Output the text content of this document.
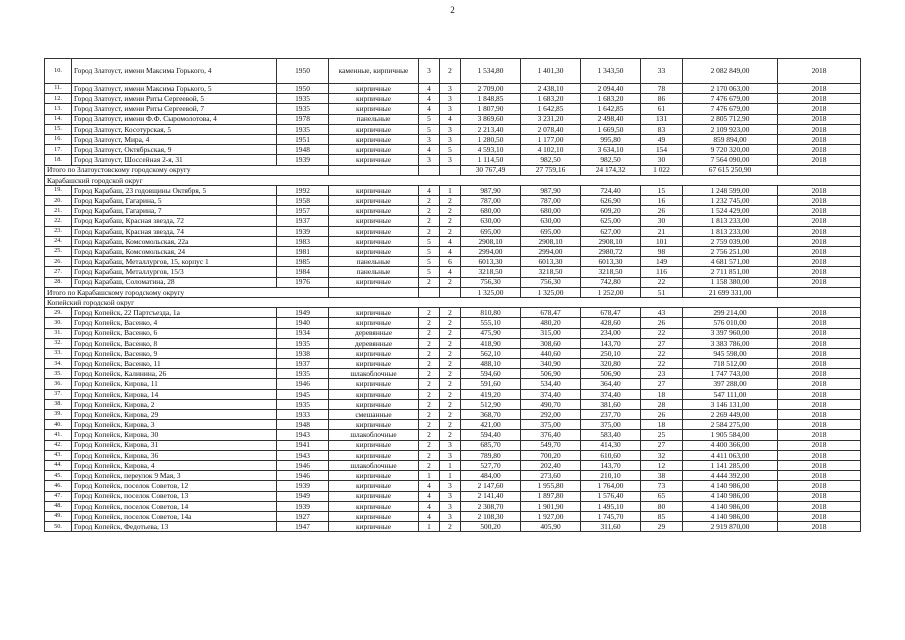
2
10.	Город Златоуст, имени Максима Горького, 4	1950	каменные, кирпичные	3	2	1 534,80	1 401,30	1 343,50	33	2 082 849,00	2018
11.	Город Златоуст, имени Максима Горького, 5	1950	кирпичные	4	3	2 709,00	2 438,10	2 094,40	78	2 170 063,00	2018
12.	Город Златоуст, имени Риты Сергеевой, 5	1935	кирпичные	4	3	1 848,85	1 683,20	1 683,20	86	7 476 679,00	2018
13.	Город Златоуст, имени Риты Сергеевой, 7	1935	кирпичные	4	3	1 807,90	1 642,85	1 642,85	61	7 476 679,00	2018
14.	Город Златоуст, имени Ф.Ф. Сыромолотова, 4	1978	панельные	5	4	3 869,60	3 231,20	2 498,40	131	2 805 712,90	2018
15.	Город Златоуст, Косотурская, 5	1935	кирпичные	5	3	2 213,40	2 078,40	1 669,50	83	2 109 923,00	2018
16.	Город Златоуст, Мира, 4	1951	кирпичные	3	3	1 280,50	1 177,00	995,80	49	859 894,00	2018
17.	Город Златоуст, Октябрьская, 9	1948	кирпичные	4	5	4 593,10	4 102,10	3 634,10	154	9 720 320,00	2018
18.	Город Златоуст, Шоссейная 2-я, 31	1939	кирпичные	3	3	1 114,50	982,50	982,50	30	7 564 090,00	2018
Итого по Златоустовскому городскому округу						30 767,49	27 759,16	24 174,32	1 022	67 615 250,90	
Карабашский городской округ											
19.	Город Карабаш, 23 годовщины Октября, 5	1992	кирпичные	4	1	987,90	987,90	724,40	15	1 248 599,00	2018
20.	Город Карабаш, Гагарина, 5	1958	кирпичные	2	2	787,00	787,00	626,90	16	1 232 745,00	2018
21.	Город Карабаш, Гагарина, 7	1957	кирпичные	2	2	680,00	680,00	609,20	26	1 524 429,00	2018
22.	Город Карабаш, Красная звезда, 72	1937	кирпичные	2	2	630,00	630,00	625,00	30	1 813 233,00	2018
23.	Город Карабаш, Красная звезда, 74	1939	кирпичные	2	2	695,00	695,00	627,00	21	1 813 233,00	2018
24.	Город Карабаш, Комсомольская, 22а	1983	кирпичные	5	4	2908,10	2908,10	2908,10	101	2 759 039,00	2018
25.	Город Карабаш, Комсомольская, 24	1981	кирпичные	5	4	2994,00	2994,00	2980,72	98	2 756 251,00	2018
26.	Город Карабаш, Металлургов, 15, корпус 1	1985	панельные	5	6	6013,30	6013,30	6013,30	149	4 681 571,00	2018
27.	Город Карабаш, Металлургов, 15/3	1984	панельные	5	4	3218,50	3218,50	3218,50	116	2 711 851,00	2018
28.	Город Карабаш, Соломатина, 28	1976	кирпичные	2	2	756,30	756,30	742,80	22	1 158 380,00	2018
Итого по Карабашскому городскому округу						1 325,00	1 325,00	1 252,00	51	21 699 331,00	
Копейский городской округ											
29.	Город Копейск, 22 Партсъезда, 1а	1949	кирпичные	2	2	810,80	678,47	678,47	43	299 214,00	2018
30.	Город Копейск, Васенко, 4	1940	кирпичные	2	2	555,10	480,20	428,60	26	576 010,00	2018
31.	Город Копейск, Васенко, 6	1934	деревянные	2	2	475,90	315,00	234,00	22	3 397 960,00	2018
32.	Город Копейск, Васенко, 8	1935	деревянные	2	2	418,90	308,60	143,70	27	3 383 786,00	2018
33.	Город Копейск, Васенко, 9	1938	кирпичные	2	2	562,10	440,60	250,10	22	945 598,00	2018
34.	Город Копейск, Васенко, 11	1937	кирпичные	2	2	488,10	340,90	320,80	22	718 512,00	2018
35.	Город Копейск, Калинина, 26	1935	шлакоблочные	2	2	594,60	506,90	506,90	23	1 747 743,00	2018
36.	Город Копейск, Кирова, 11	1946	кирпичные	2	2	591,60	534,40	364,40	27	397 288,00	2018
37.	Город Копейск, Кирова, 14	1945	кирпичные	2	2	419,20	374,40	374,40	18	547 111,00	2018
38.	Город Копейск, Кирова, 2	1935	кирпичные	2	2	512,90	490,70	381,60	28	3 146 131,00	2018
39.	Город Копейск, Кирова, 29	1933	смешанные	2	2	368,70	292,00	237,70	26	2 269 449,00	2018
40.	Город Копейск, Кирова, 3	1948	кирпичные	2	2	421,00	375,00	375,00	18	2 584 275,00	2018
41.	Город Копейск, Кирова, 30	1943	шлакоблочные	2	2	594,40	376,40	583,40	25	1 905 584,00	2018
42.	Город Копейск, Кирова, 31	1941	кирпичные	2	3	685,70	549,70	414,30	27	4 400 366,00	2018
43.	Город Копейск, Кирова, 36	1943	кирпичные	2	3	789,80	700,20	610,60	32	4 411 063,00	2018
44.	Город Копейск, Кирова, 4	1946	шлакоблочные	2	1	527,70	202,40	143,70	12	1 141 285,00	2018
45.	Город Копейск, переулок 9 Мая, 3	1946	кирпичные	1	1	484,00	273,60	210,10	38	4 444 392,00	2018
46.	Город Копейск, поселок Советов, 12	1939	кирпичные	4	3	2 147,60	1 955,80	1 764,00	73	4 140 986,00	2018
47.	Город Копейск, поселок Советов, 13	1949	кирпичные	4	3	2 141,40	1 897,80	1 576,40	65	4 140 986,00	2018
48.	Город Копейск, поселок Советов, 14	1939	кирпичные	4	3	2 308,70	1 901,90	1 495,10	80	4 140 986,00	2018
49.	Город Копейск, поселок Советов, 14а	1927	кирпичные	4	3	2 108,30	1 927,00	1 745,70	85	4 140 986,00	2018
50.	Город Копейск, Федотьева, 13	1947	кирпичные	1	2	500,20	405,90	311,60	29	2 919 870,00	2018
